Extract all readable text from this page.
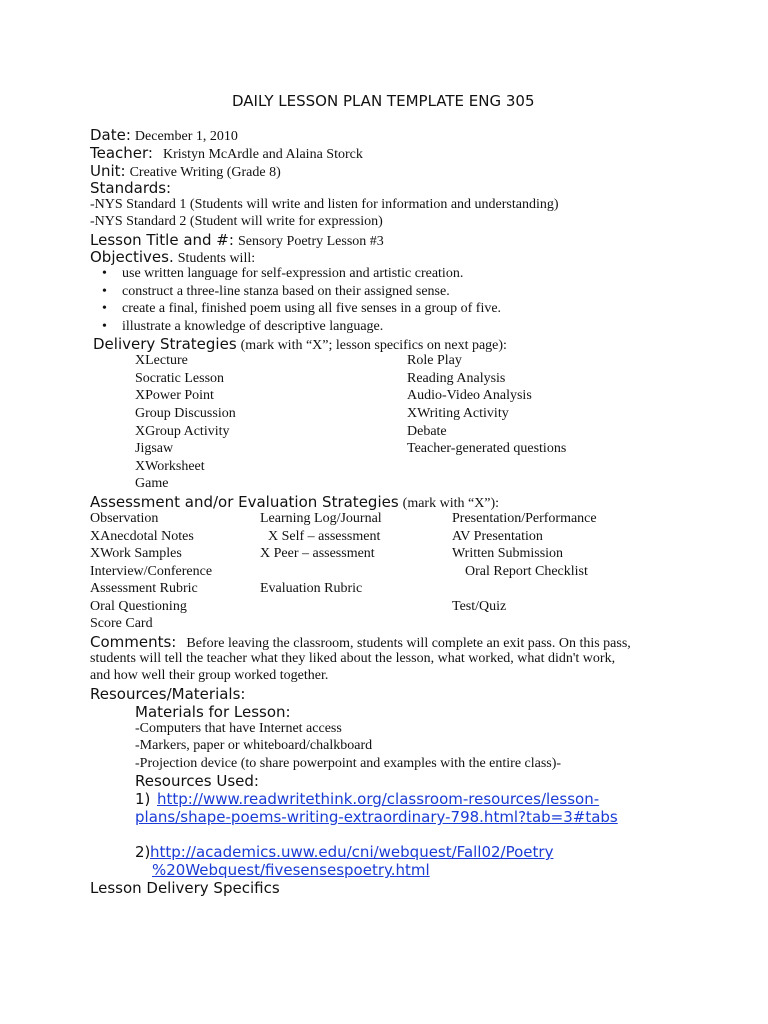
DAILY LESSON PLAN TEMPLATE ENG 305
Date: December 1, 2010
Teacher: Kristyn McArdle and Alaina Storck
Unit: Creative Writing (Grade 8)
Standards:
-NYS Standard 1 (Students will write and listen for information and understanding)
-NYS Standard 2 (Student will write for expression)
Lesson Title and #: Sensory Poetry Lesson #3
Objectives. Students will:
• use written language for self-expression and artistic creation.
• construct a three-line stanza based on their assigned sense.
• create a final, finished poem using all five senses in a group of five.
• illustrate a knowledge of descriptive language.
Delivery Strategies (mark with “X”; lesson specifics on next page):
XLecture
Socratic Lesson
XPower Point
Group Discussion
XGroup Activity
Jigsaw
XWorksheet
Game
Role Play
Reading Analysis
Audio-Video Analysis
XWriting Activity
Debate
Teacher-generated questions
Assessment and/or Evaluation Strategies (mark with “X”):
Observation
XAnecdotal Notes
XWork Samples
Interview/Conference
Assessment Rubric
Oral Questioning
Score Card
Learning Log/Journal
X Self – assessment
X Peer – assessment
Evaluation Rubric
Presentation/Performance
AV Presentation
Written Submission
Oral Report Checklist
Test/Quiz
Comments: Before leaving the classroom, students will complete an exit pass. On this pass,
students will tell the teacher what they liked about the lesson, what worked, what didn't work,
and how well their group worked together.
Resources/Materials:
Materials for Lesson:
-Computers that have Internet access
-Markers, paper or whiteboard/chalkboard
-Projection device (to share powerpoint and examples with the entire class)-
Resources Used:
1) http://www.readwritethink.org/classroom-resources/lesson-
plans/shape-poems-writing-extraordinary-798.html?tab=3#tabs
2) http://academics.uww.edu/cni/webquest/Fall02/Poetry
%20Webquest/fivesensespoetry.html
Lesson Delivery Specifics
